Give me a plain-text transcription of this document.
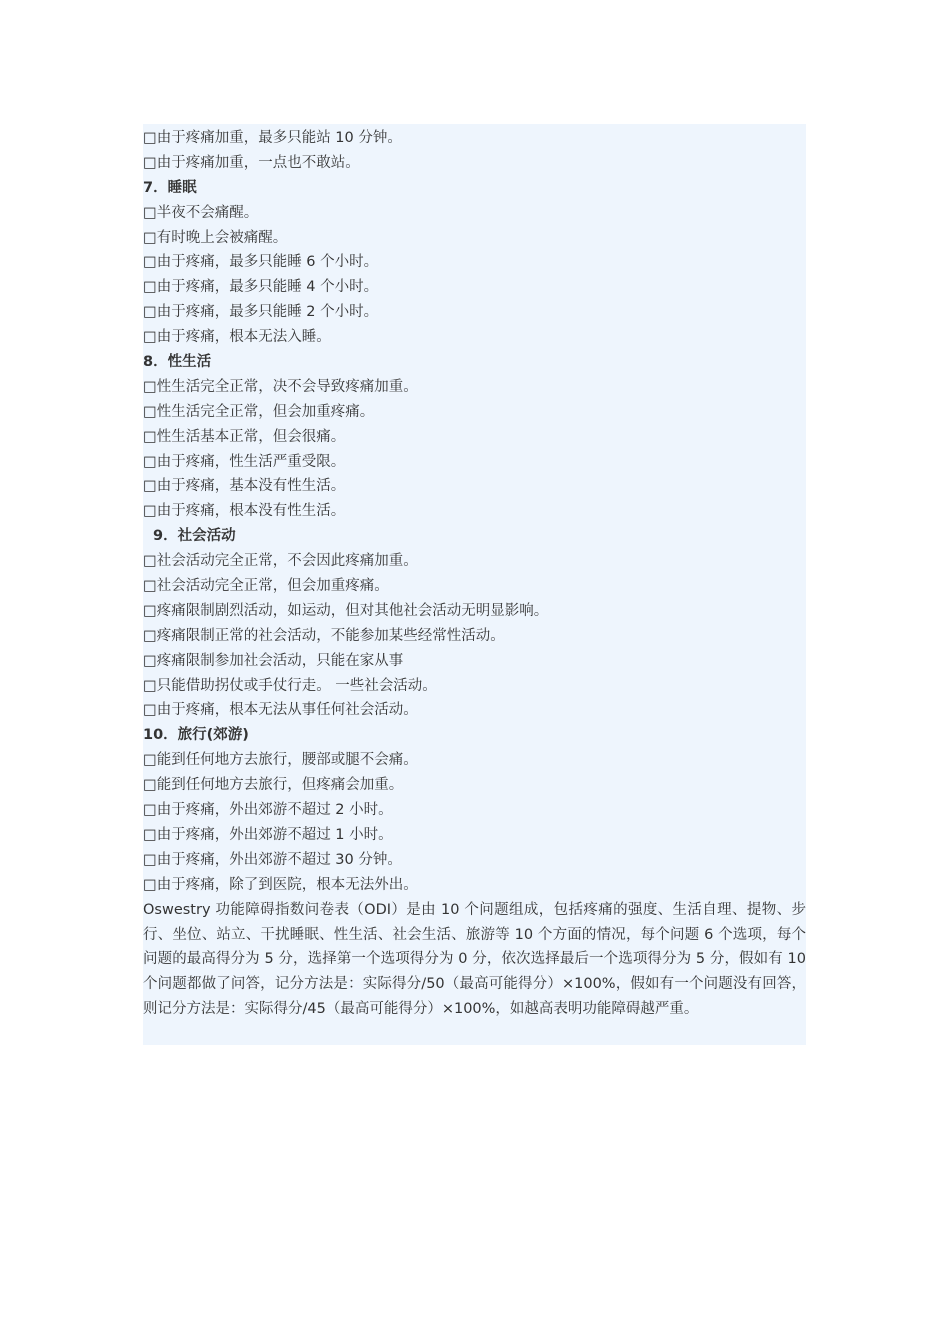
□由于疼痛加重，最多只能站 10 分钟。
□由于疼痛加重，一点也不敢站。
7．睡眠
□半夜不会痛醒。
□有时晚上会被痛醒。
□由于疼痛，最多只能睡 6 个小时。
□由于疼痛，最多只能睡 4 个小时。
□由于疼痛，最多只能睡 2 个小时。
□由于疼痛，根本无法入睡。
8．性生活
□性生活完全正常，决不会导致疼痛加重。
□性生活完全正常，但会加重疼痛。
□性生活基本正常，但会很痛。
□由于疼痛，性生活严重受限。
□由于疼痛，基本没有性生活。
□由于疼痛，根本没有性生活。
9．社会活动
□社会活动完全正常，不会因此疼痛加重。
□社会活动完全正常，但会加重疼痛。
□疼痛限制剧烈活动，如运动，但对其他社会活动无明显影响。
□疼痛限制正常的社会活动，不能参加某些经常性活动。
□疼痛限制参加社会活动，只能在家从事
□只能借助拐仗或手仗行走。 一些社会活动。
□由于疼痛，根本无法从事任何社会活动。
10．旅行(郊游)
□能到任何地方去旅行，腰部或腿不会痛。
□能到任何地方去旅行，但疼痛会加重。
□由于疼痛，外出郊游不超过 2 小时。
□由于疼痛，外出郊游不超过 1 小时。
□由于疼痛，外出郊游不超过 30 分钟。
□由于疼痛，除了到医院，根本无法外出。

Oswestry 功能障碍指数问卷表（ODI）是由 10 个问题组成，包括疼痛的强度、生活自理、提物、步行、坐位、站立、干扰睡眠、性生活、社会生活、旅游等 10 个方面的情况，每个问题 6 个选项，每个问题的最高得分为 5 分，选择第一个选项得分为 0 分，依次选择最后一个选项得分为 5 分，假如有 10 个问题都做了问答，记分方法是：实际得分/50（最高可能得分）×100%，假如有一个问题没有回答，则记分方法是：实际得分/45（最高可能得分）×100%，如越高表明功能障碍越严重。
